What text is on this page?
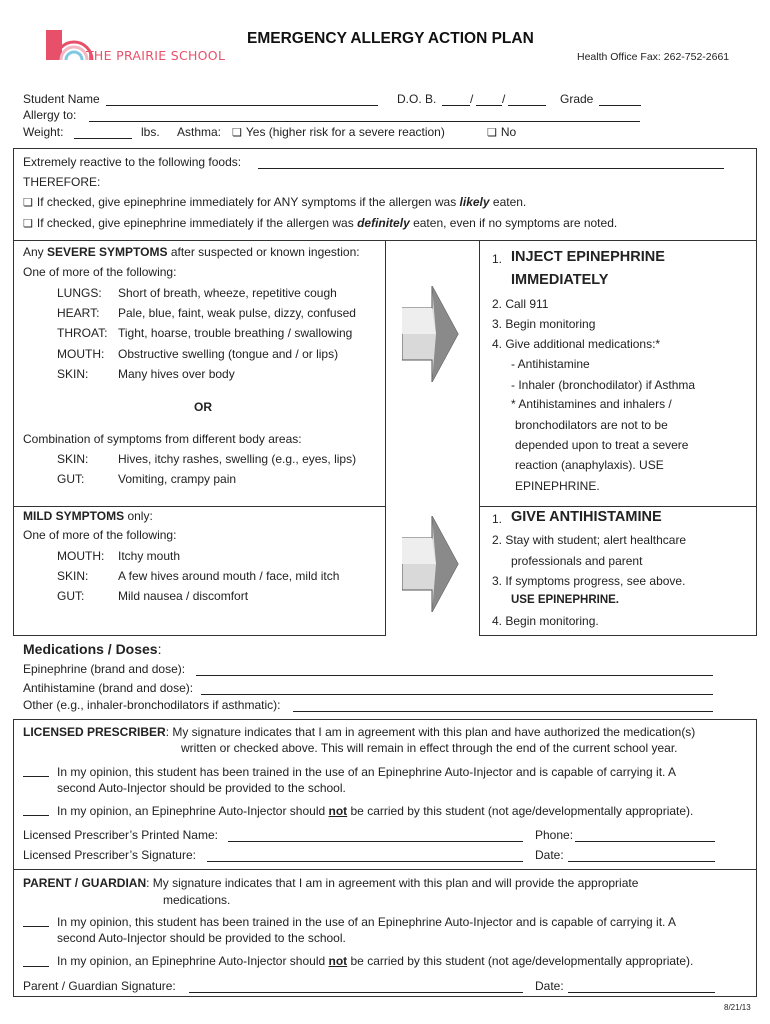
THE PRAIRIE SCHOOL
EMERGENCY ALLERGY ACTION PLAN
Health Office Fax: 262-752-2661
Student Name	D.O. B.	/ /	Grade
Allergy to:
Weight:	lbs. Asthma: ❏ Yes (higher risk for a severe reaction)	❏ No
Extremely reactive to the following foods:
THEREFORE:
❏ If checked, give epinephrine immediately for ANY symptoms if the allergen was likely eaten.
❏ If checked, give epinephrine immediately if the allergen was definitely eaten, even if no symptoms are noted.
Any SEVERE SYMPTOMS after suspected or known ingestion:
One of more of the following:
LUNGS: Short of breath, wheeze, repetitive cough
HEART: Pale, blue, faint, weak pulse, dizzy, confused
THROAT: Tight, hoarse, trouble breathing / swallowing
MOUTH: Obstructive swelling (tongue and / or lips)
SKIN: Many hives over body
OR
Combination of symptoms from different body areas:
SKIN: Hives, itchy rashes, swelling (e.g., eyes, lips)
GUT:	Vomiting, crampy pain
1. INJECT EPINEPHRINE
IMMEDIATELY
2. Call 911
3. Begin monitoring
4. Give additional medications:*
- Antihistamine
- Inhaler (bronchodilator) if Asthma
* Antihistamines and inhalers /
bronchodilators are not to be
depended upon to treat a severe
reaction (anaphylaxis). USE
EPINEPHRINE.
MILD SYMPTOMS only:
One of more of the following:
MOUTH: Itchy mouth
SKIN: A few hives around mouth / face, mild itch
GUT:	Mild nausea / discomfort
1. GIVE ANTIHISTAMINE
2. Stay with student; alert healthcare
professionals and parent
3. If symptoms progress, see above.
USE EPINEPHRINE.
4. Begin monitoring.
Medications / Doses:
Epinephrine (brand and dose):
Antihistamine (brand and dose):
Other (e.g., inhaler-bronchodilators if asthmatic):
LICENSED PRESCRIBER: My signature indicates that I am in agreement with this plan and have authorized the medication(s)
written or checked above. This will remain in effect through the end of the current school year.
In my opinion, this student has been trained in the use of an Epinephrine Auto-Injector and is capable of carrying it. A
second Auto-Injector should be provided to the school.
In my opinion, an Epinephrine Auto-Injector should not be carried by this student (not age/developmentally appropriate).
Licensed Prescriber’s Printed Name:	Phone:
Licensed Prescriber’s Signature:	Date:
PARENT / GUARDIAN: My signature indicates that I am in agreement with this plan and will provide the appropriate
medications.
In my opinion, this student has been trained in the use of an Epinephrine Auto-Injector and is capable of carrying it. A
second Auto-Injector should be provided to the school.
In my opinion, an Epinephrine Auto-Injector should not be carried by this student (not age/developmentally appropriate).
Parent / Guardian Signature:	Date:
8/21/13
